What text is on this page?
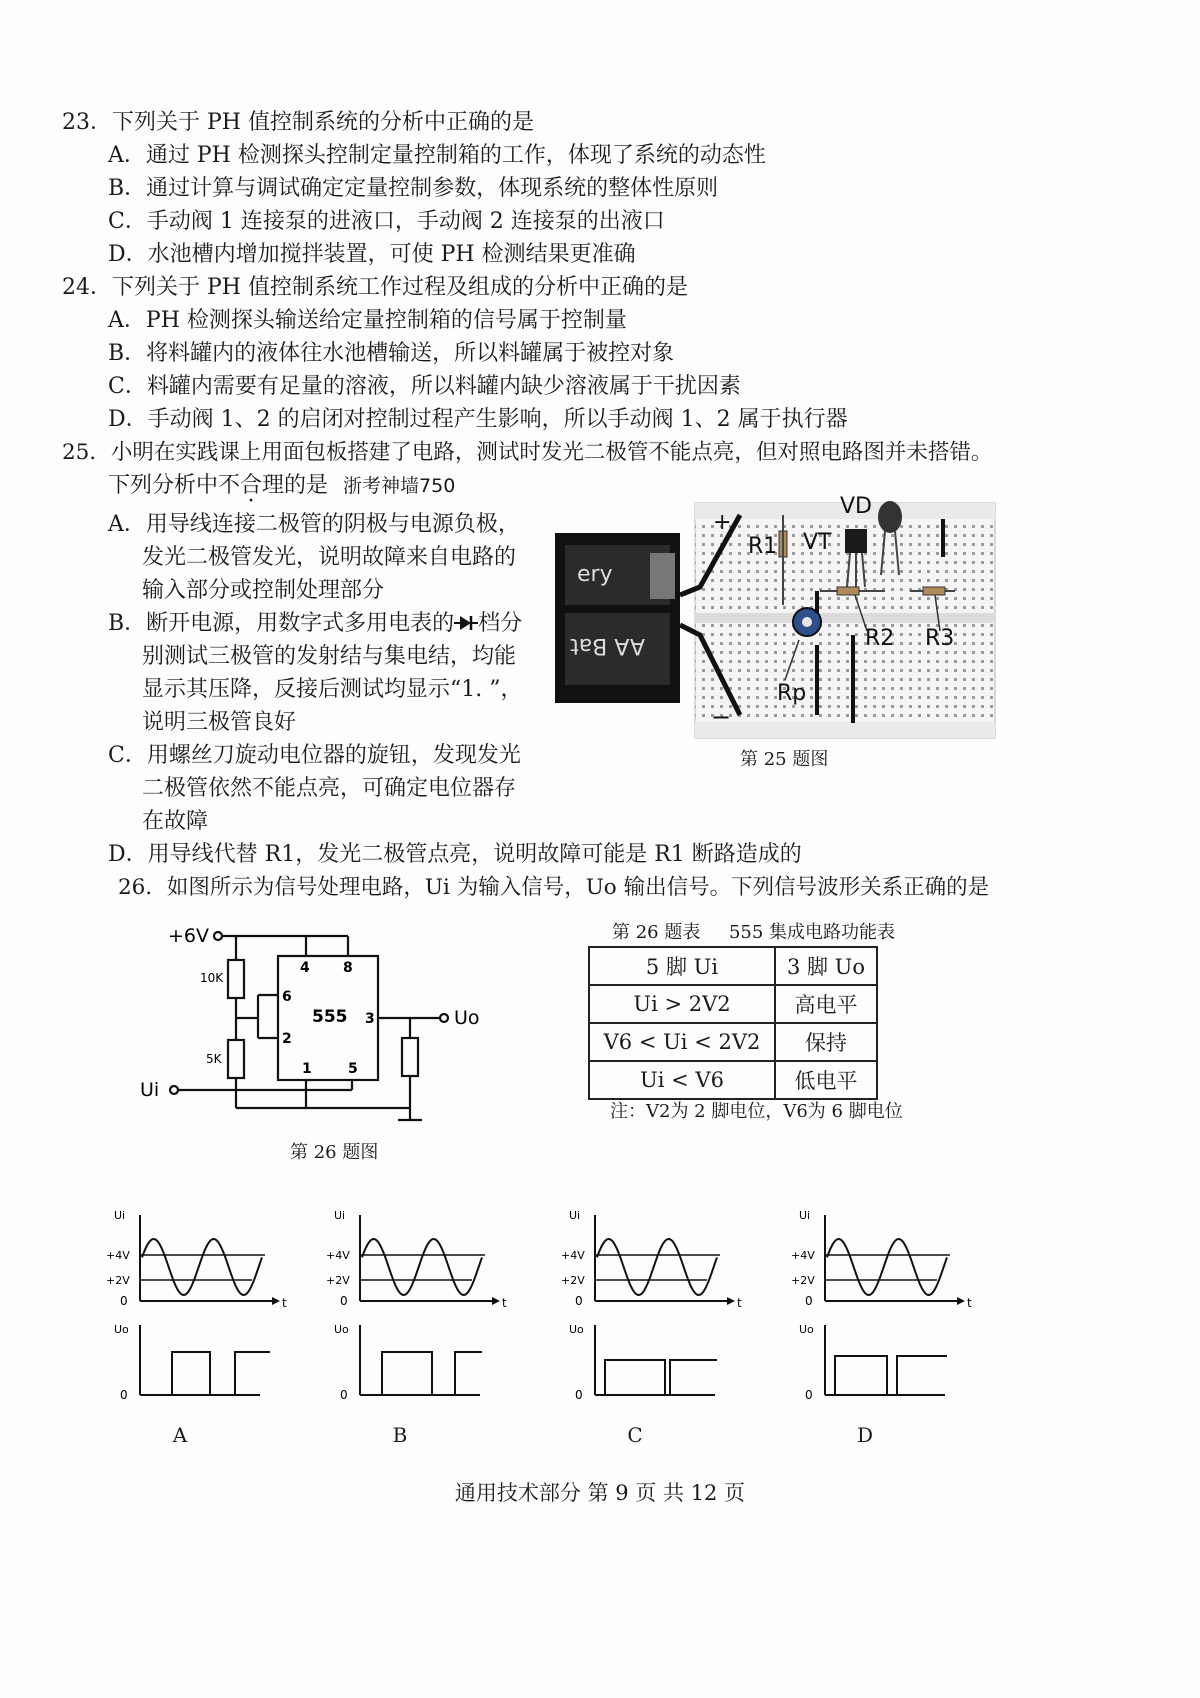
23．下列关于 PH 值控制系统的分析中正确的是
A．通过 PH 检测探头控制定量控制箱的工作，体现了系统的动态性
B．通过计算与调试确定定量控制参数，体现系统的整体性原则
C．手动阀 1 连接泵的进液口，手动阀 2 连接泵的出液口
D．水池槽内增加搅拌装置，可使 PH 检测结果更准确
24．下列关于 PH 值控制系统工作过程及组成的分析中正确的是
A．PH 检测探头输送给定量控制箱的信号属于控制量
B．将料罐内的液体往水池槽输送，所以料罐属于被控对象
C．料罐内需要有足量的溶液，所以料罐内缺少溶液属于干扰因素
D．手动阀 1、2 的启闭对控制过程产生影响，所以手动阀 1、2 属于执行器
25．小明在实践课上用面包板搭建了电路，测试时发光二极管不能点亮，但对照电路图并未搭错。
下列分析中不合理的是 浙考神墙750
A．用导线连接二极管的阴极与电源负极，
发光二极管发光，说明故障来自电路的
输入部分或控制处理部分
B．断开电源，用数字式多用电表的 档分
别测试三极管的发射结与集电结，均能
显示其压降，反接后测试均显示“1. ”，
说明三极管良好
C．用螺丝刀旋动电位器的旋钮，发现发光
二极管依然不能点亮，可确定电位器存
在故障
D．用导线代替 R1，发光二极管点亮，说明故障可能是 R1 断路造成的
ery
AA Bat
+
−
VD
VT
R1
R2 R3
Rp
第 25 题图
26．如图所示为信号处理电路，Ui 为输入信号，Uo 输出信号。下列信号波形关系正确的是
+6V
10K
5K
555
4 8
6
2
3
1	5
Ui
Uo
第 26 题图
第 26 题表     555 集成电路功能表
5 脚 Ui	3 脚 Uo
Ui > 2V2	高电平
V6 < Ui < 2V2	保持
Ui < V6	低电平
注：V2为 2 脚电位，V6为 6 脚电位
Ui
+4V
+2V
0	t
Uo
0
A
Ui
+4V
+2V
0	t
Uo
0
B
Ui
+4V
+2V
0	t
Uo
0
C
Ui
+4V
+2V
0	t
Uo
0
D
通用技术部分 第 9 页 共 12 页
